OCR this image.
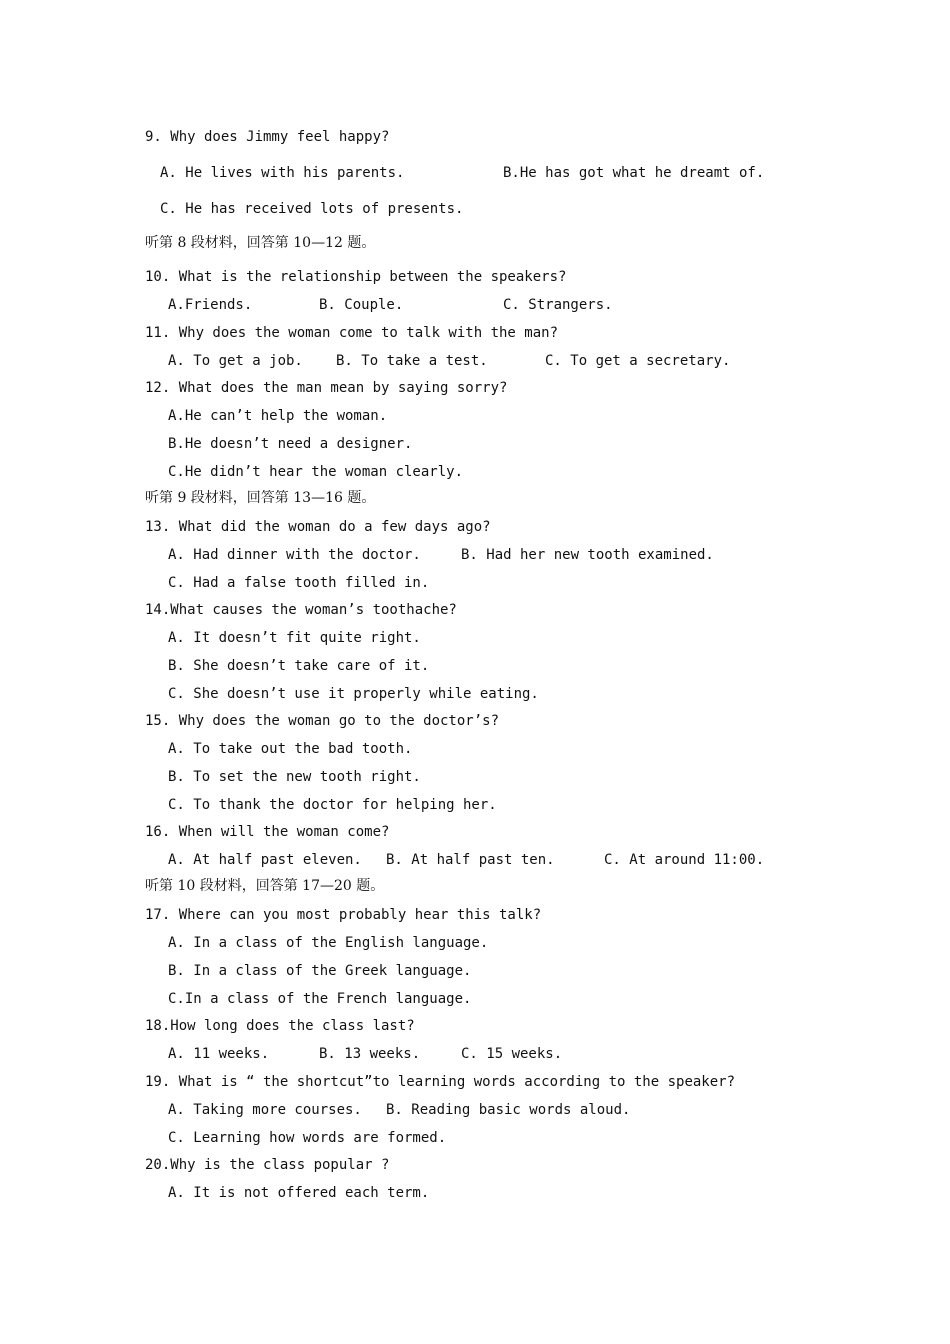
9. Why does Jimmy feel happy?
A. He lives with his parents.	B.He has got what he dreamt of.
C. He has received lots of presents.
听第 8 段材料，回答第 10—12 题。
10. What is the relationship between the speakers?
A.Friends.	B. Couple.	C. Strangers.
11. Why does the woman come to talk with the man?
A. To get a job. B. To take a test.	C. To get a secretary.
12. What does the man mean by saying sorry?
A.He can’t help the woman.
B.He doesn’t need a designer.
C.He didn’t hear the woman clearly.
听第 9 段材料，回答第 13—16 题。
13. What did the woman do a few days ago?
A. Had dinner with the doctor.	B. Had her new tooth examined.
C. Had a false tooth filled in.
14.What causes the woman’s toothache?
A. It doesn’t fit quite right.
B. She doesn’t take care of it.
C. She doesn’t use it properly while eating.
15. Why does the woman go to the doctor’s?
A. To take out the bad tooth.
B. To set the new tooth right.
C. To thank the doctor for helping her.
16. When will the woman come?
A. At half past eleven. B. At half past ten.	C. At around 11:00.
听第 10 段材料，回答第 17—20 题。
17. Where can you most probably hear this talk?
A. In a class of the English language.
B. In a class of the Greek language.
C.In a class of the French language.
18.How long does the class last?
A. 11 weeks.	B. 13 weeks.	C. 15 weeks.
19. What is “ the shortcut”to learning words according to the speaker?
A. Taking more courses. B. Reading basic words aloud.
C. Learning how words are formed.
20.Why is the class popular ?
A. It is not offered each term.
